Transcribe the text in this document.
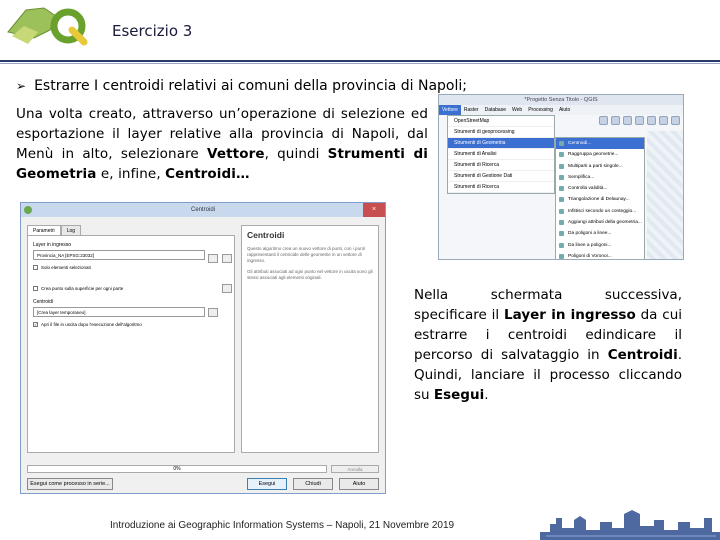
Esercizio 3
➢ Estrarre I centroidi relativi ai comuni della provincia di Napoli;

Una volta creato, attraverso un’operazione di selezione ed esportazione il layer relative alla provincia di Napoli, dal Menù in alto, selezionare Vettore, quindi Strumenti di Geometria e, infine, Centroidi…

*Progetto Senza Titolo - QGIS
Vettore	Raster	Database	Web	Processing	Aiuto
OpenStreetMap
Strumenti di geoprocessing
Strumenti di Geometria
Strumenti di Analisi
Strumenti di Ricerca
Strumenti di Gestione Dati
Strumenti di Ricerca
Centroidi...
Raggruppa geometrie...
Multiparti a parti singole...
Semplifica...
Controlla validità...
Triangolazione di Delaunay...
Infittisci secondo un conteggio...
Aggiungi attributi della geometria...
Da poligoni a linee...
Da linee a poligoni...
Poligoni di Voronoi...
Centroidi	×
Parametri	Log
Layer in ingresso
Provincia_NA [EPSG:23032]
Solo elementi selezionati
Crea punto sulla superficie per ogni parte
Centroidi
[Crea layer temporaneo]
✓ Apri il file in uscita dopo l'esecuzione dell'algoritmo
Centroidi
Questo algoritmo crea un nuovo vettore di punti, con i punti rappresentanti il centroide delle geometrie in un vettore di ingresso.
Gli attributi associati ad ogni punto nel vettore in uscita sono gli stessi associati agli elementi originali.
0%	Annulla
Esegui come processo in serie...	Esegui	Chiudi	Aiuto

Nella schermata successiva, specificare il Layer in ingresso da cui estrarre i centroidi edindicare il percorso di salvataggio in Centroidi. Quindi, lanciare il processo cliccando su Esegui.

Introduzione ai Geographic Information Systems – Napoli, 21 Novembre 2019
